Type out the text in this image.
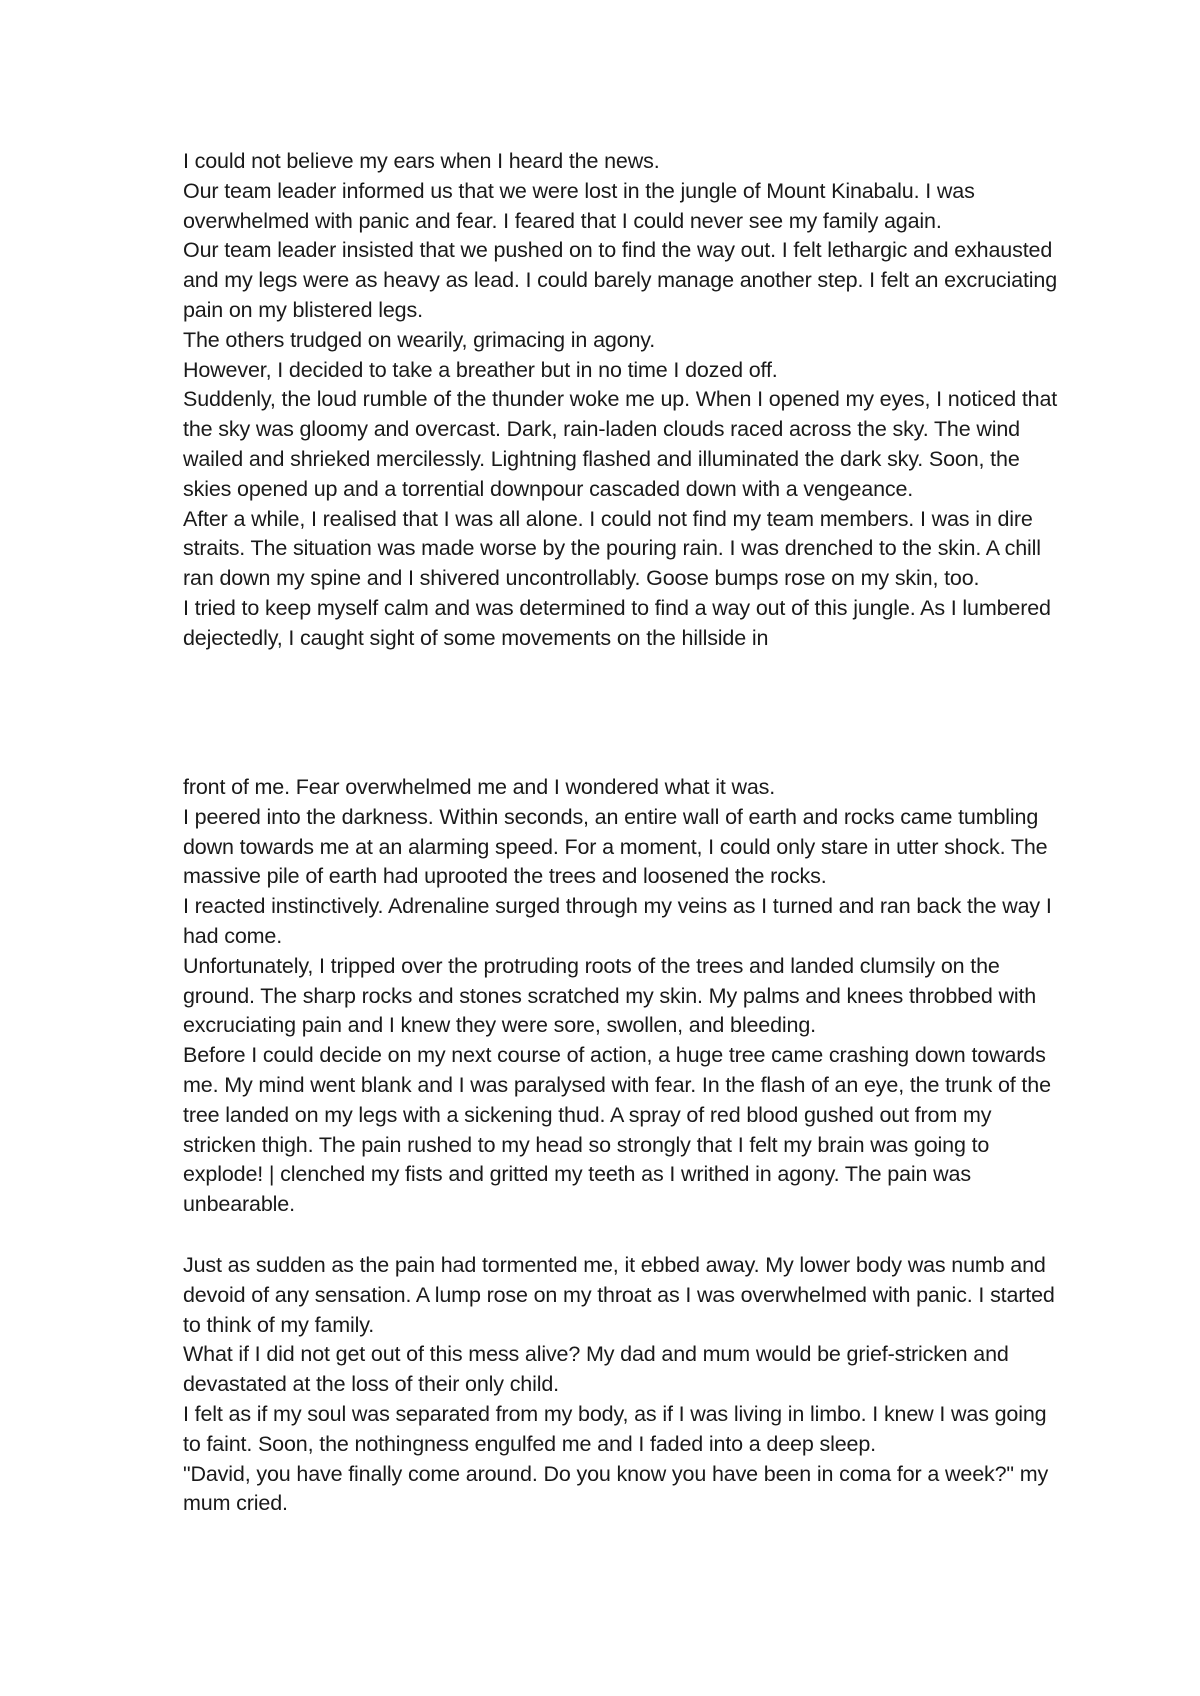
I could not believe my ears when I heard the news.

Our team leader informed us that we were lost in the jungle of Mount Kinabalu. I was overwhelmed with panic and fear. I feared that I could never see my family again.

Our team leader insisted that we pushed on to find the way out. I felt lethargic and exhausted and my legs were as heavy as lead. I could barely manage another step. I felt an excruciating pain on my blistered legs.

The others trudged on wearily, grimacing in agony.

However, I decided to take a breather but in no time I dozed off.

Suddenly, the loud rumble of the thunder woke me up. When I opened my eyes, I noticed that the sky was gloomy and overcast. Dark, rain-laden clouds raced across the sky. The wind wailed and shrieked mercilessly. Lightning flashed and illuminated the dark sky. Soon, the skies opened up and a torrential downpour cascaded down with a vengeance.

After a while, I realised that I was all alone. I could not find my team members. I was in dire straits. The situation was made worse by the pouring rain. I was drenched to the skin. A chill ran down my spine and I shivered uncontrollably. Goose bumps rose on my skin, too.

I tried to keep myself calm and was determined to find a way out of this jungle. As I lumbered dejectedly, I caught sight of some movements on the hillside in

front of me. Fear overwhelmed me and I wondered what it was.

I peered into the darkness. Within seconds, an entire wall of earth and rocks came tumbling down towards me at an alarming speed. For a moment, I could only stare in utter shock. The massive pile of earth had uprooted the trees and loosened the rocks.

I reacted instinctively. Adrenaline surged through my veins as I turned and ran back the way I had come.

Unfortunately, I tripped over the protruding roots of the trees and landed clumsily on the ground. The sharp rocks and stones scratched my skin. My palms and knees throbbed with excruciating pain and I knew they were sore, swollen, and bleeding.

Before I could decide on my next course of action, a huge tree came crashing down towards me. My mind went blank and I was paralysed with fear. In the flash of an eye, the trunk of the tree landed on my legs with a sickening thud. A spray of red blood gushed out from my stricken thigh. The pain rushed to my head so strongly that I felt my brain was going to explode! | clenched my fists and gritted my teeth as I writhed in agony. The pain was unbearable.

Just as sudden as the pain had tormented me, it ebbed away. My lower body was numb and devoid of any sensation. A lump rose on my throat as I was overwhelmed with panic. I started to think of my family.

What if I did not get out of this mess alive? My dad and mum would be grief-stricken and devastated at the loss of their only child.

I felt as if my soul was separated from my body, as if I was living in limbo. I knew I was going to faint. Soon, the nothingness engulfed me and I faded into a deep sleep.

"David, you have finally come around. Do you know you have been in coma for a week?" my mum cried.
